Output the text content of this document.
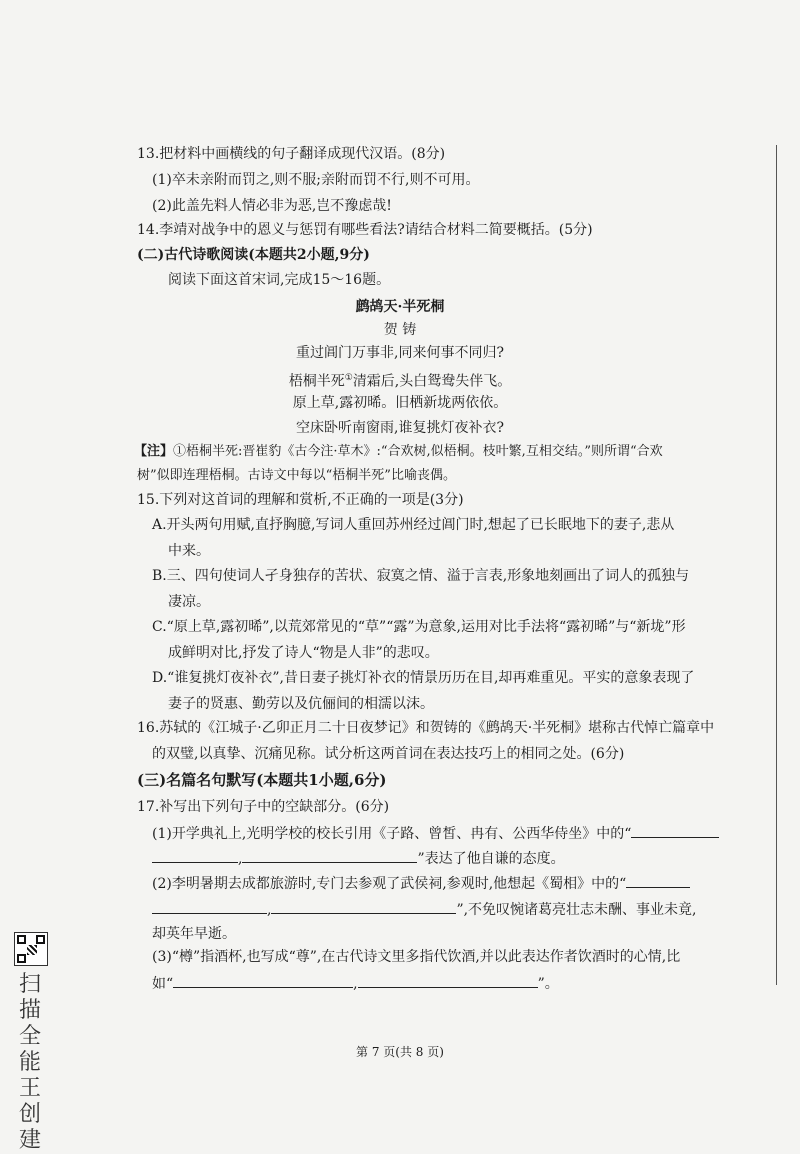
13.把材料中画横线的句子翻译成现代汉语。(8分)
(1)卒未亲附而罚之,则不服;亲附而罚不行,则不可用。
(2)此盖先料人情必非为恶,岂不豫虑哉!
14.李靖对战争中的恩义与惩罚有哪些看法?请结合材料二简要概括。(5分)
(二)古代诗歌阅读(本题共2小题,9分)
阅读下面这首宋词,完成15～16题。
鹧鸪天·半死桐
贺 铸
重过阊门万事非,同来何事不同归?
梧桐半死①清霜后,头白鸳鸯失伴飞。
原上草,露初晞。旧栖新垅两依依。
空床卧听南窗雨,谁复挑灯夜补衣?
【注】①梧桐半死:晋崔豹《古今注·草木》:“合欢树,似梧桐。枝叶繁,互相交结。”则所谓“合欢
树”似即连理梧桐。古诗文中每以“梧桐半死”比喻丧偶。
15.下列对这首词的理解和赏析,不正确的一项是(3分)
A.开头两句用赋,直抒胸臆,写词人重回苏州经过阊门时,想起了已长眠地下的妻子,悲从
中来。
B.三、四句使词人孑身独存的苦状、寂寞之情、溢于言表,形象地刻画出了词人的孤独与
凄凉。
C.“原上草,露初晞”,以荒郊常见的“草”“露”为意象,运用对比手法将“露初晞”与“新垅”形
成鲜明对比,抒发了诗人“物是人非”的悲叹。
D.“谁复挑灯夜补衣”,昔日妻子挑灯补衣的情景历历在目,却再难重见。平实的意象表现了
妻子的贤惠、勤劳以及伉俪间的相濡以沫。
16.苏轼的《江城子·乙卯正月二十日夜梦记》和贺铸的《鹧鸪天·半死桐》堪称古代悼亡篇章中
的双璧,以真挚、沉痛见称。试分析这两首词在表达技巧上的相同之处。(6分)
(三)名篇名句默写(本题共1小题,6分)
17.补写出下列句子中的空缺部分。(6分)
(1)开学典礼上,光明学校的校长引用《子路、曾皙、冉有、公西华侍坐》中的“
,	”表达了他自谦的态度。
(2)李明暑期去成都旅游时,专门去参观了武侯祠,参观时,他想起《蜀相》中的“
,	”,不免叹惋诸葛亮壮志未酬、事业未竟,
却英年早逝。
(3)“樽”指酒杯,也写成“尊”,在古代诗文里多指代饮酒,并以此表达作者饮酒时的心情,比
如“	,	”。
第 7 页(共 8 页)
扫描全能王 创建
